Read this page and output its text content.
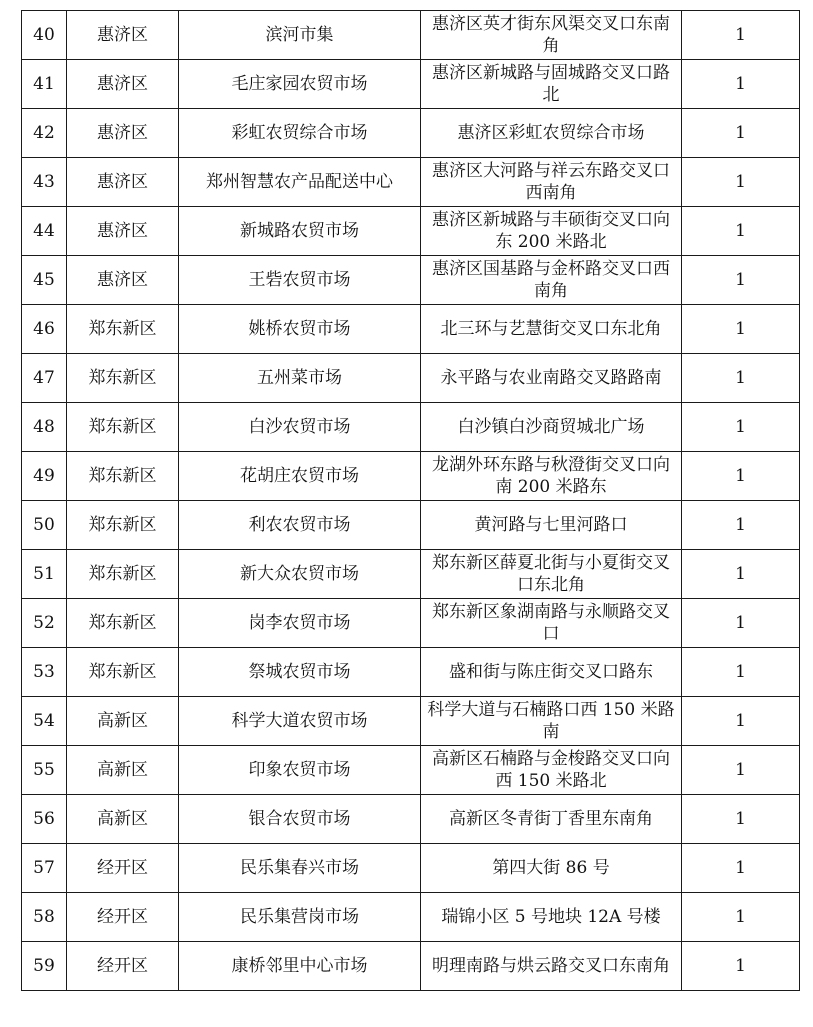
40	惠济区	滨河市集	惠济区英才街东风渠交叉口东南角	1
41	惠济区	毛庄家园农贸市场	惠济区新城路与固城路交叉口路北	1
42	惠济区	彩虹农贸综合市场	惠济区彩虹农贸综合市场	1
43	惠济区	郑州智慧农产品配送中心	惠济区大河路与祥云东路交叉口西南角	1
44	惠济区	新城路农贸市场	惠济区新城路与丰硕街交叉口向东 200 米路北	1
45	惠济区	王砦农贸市场	惠济区国基路与金杯路交叉口西南角	1
46	郑东新区	姚桥农贸市场	北三环与艺慧街交叉口东北角	1
47	郑东新区	五州菜市场	永平路与农业南路交叉路路南	1
48	郑东新区	白沙农贸市场	白沙镇白沙商贸城北广场	1
49	郑东新区	花胡庄农贸市场	龙湖外环东路与秋澄街交叉口向南 200 米路东	1
50	郑东新区	利农农贸市场	黄河路与七里河路口	1
51	郑东新区	新大众农贸市场	郑东新区薛夏北街与小夏街交叉口东北角	1
52	郑东新区	岗李农贸市场	郑东新区象湖南路与永顺路交叉口	1
53	郑东新区	祭城农贸市场	盛和街与陈庄街交叉口路东	1
54	高新区	科学大道农贸市场	科学大道与石楠路口西 150 米路南	1
55	高新区	印象农贸市场	高新区石楠路与金梭路交叉口向西 150 米路北	1
56	高新区	银合农贸市场	高新区冬青街丁香里东南角	1
57	经开区	民乐集春兴市场	第四大街 86 号	1
58	经开区	民乐集营岗市场	瑞锦小区 5 号地块 12A 号楼	1
59	经开区	康桥邻里中心市场	明理南路与烘云路交叉口东南角	1
